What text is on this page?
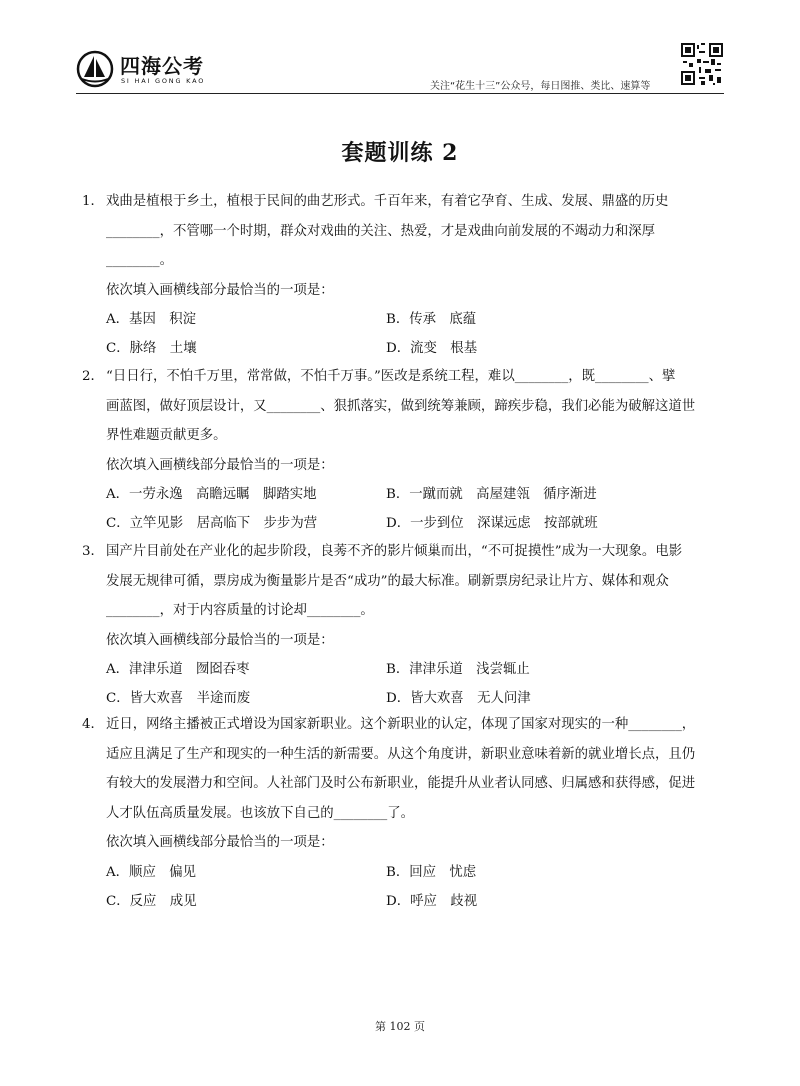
四海公考
SI HAI GONG KAO	关注“花生十三”公众号，每日图推、类比、速算等
套题训练 2
1． 戏曲是植根于乡土，植根于民间的曲艺形式。千百年来，有着它孕育、生成、发展、鼎盛的历史
________，不管哪一个时期，群众对戏曲的关注、热爱，才是戏曲向前发展的不竭动力和深厚
________。
依次填入画横线部分最恰当的一项是：
A．基因　积淀	B．传承　底蕴
C．脉络　土壤	D．流变　根基
2． “日日行，不怕千万里，常常做，不怕千万事。”医改是系统工程，难以________，既________、擘
画蓝图，做好顶层设计，又________、狠抓落实，做到统筹兼顾，蹄疾步稳，我们必能为破解这道世
界性难题贡献更多。
依次填入画横线部分最恰当的一项是：
A．一劳永逸　高瞻远瞩　脚踏实地	B．一蹴而就　高屋建瓴　循序渐进
C．立竿见影　居高临下　步步为营	D．一步到位　深谋远虑　按部就班
3． 国产片目前处在产业化的起步阶段，良莠不齐的影片倾巢而出，“不可捉摸性”成为一大现象。电影
发展无规律可循，票房成为衡量影片是否“成功”的最大标准。刷新票房纪录让片方、媒体和观众
________，对于内容质量的讨论却________。
依次填入画横线部分最恰当的一项是：
A．津津乐道　囫囵吞枣	B．津津乐道　浅尝辄止
C．皆大欢喜　半途而废	D．皆大欢喜　无人问津
4． 近日，网络主播被正式增设为国家新职业。这个新职业的认定，体现了国家对现实的一种________，
适应且满足了生产和现实的一种生活的新需要。从这个角度讲，新职业意味着新的就业增长点，且仍
有较大的发展潜力和空间。人社部门及时公布新职业，能提升从业者认同感、归属感和获得感，促进
人才队伍高质量发展。也该放下自己的________了。
依次填入画横线部分最恰当的一项是：
A．顺应　偏见	B．回应　忧虑
C．反应　成见	D．呼应　歧视
第 102 页
